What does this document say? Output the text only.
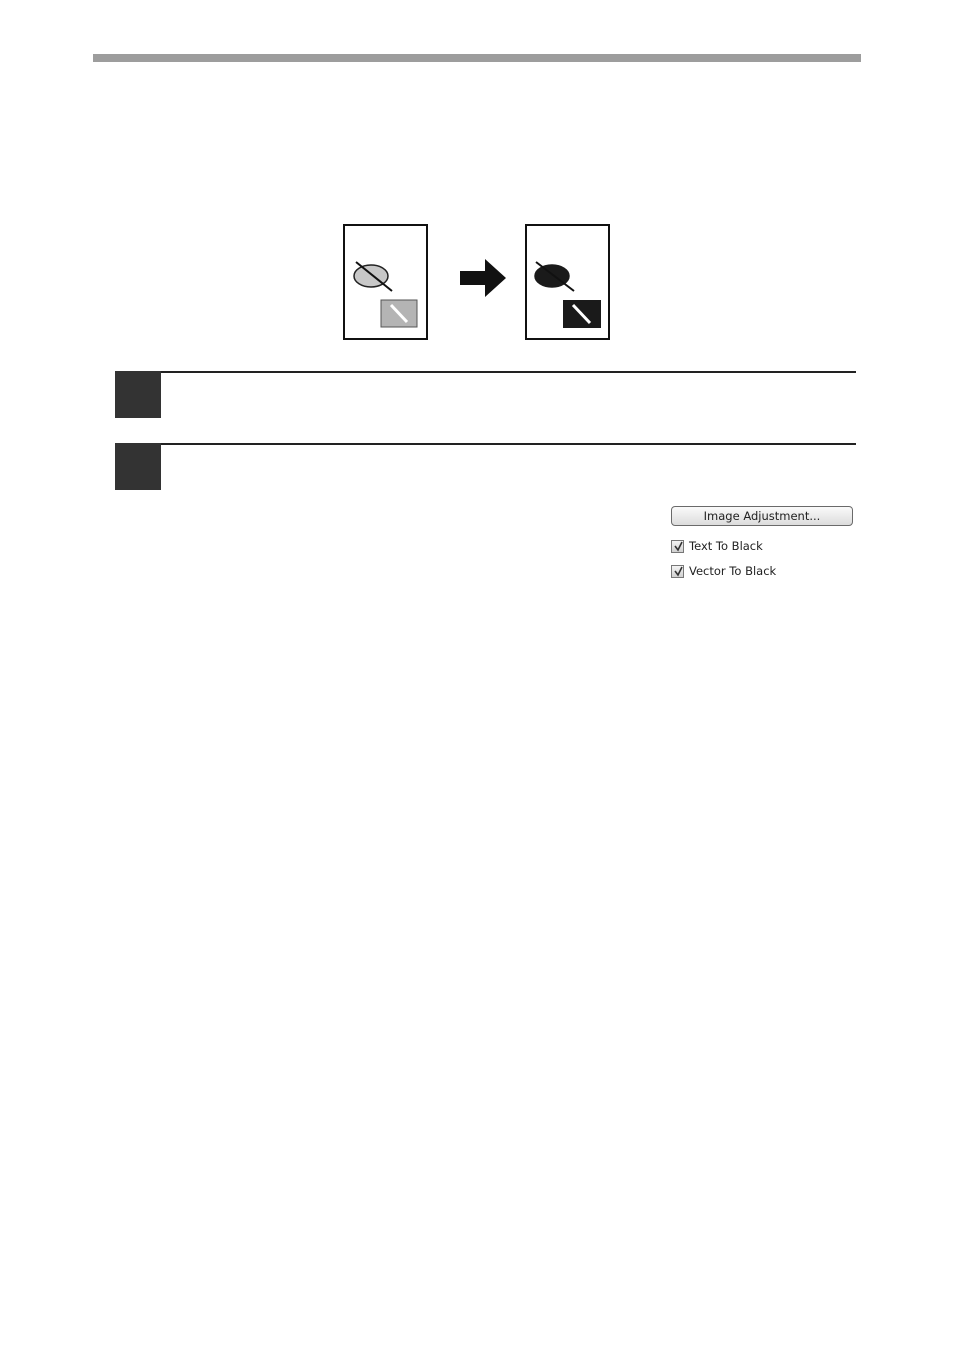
Image Adjustment...
Text To Black
Vector To Black
